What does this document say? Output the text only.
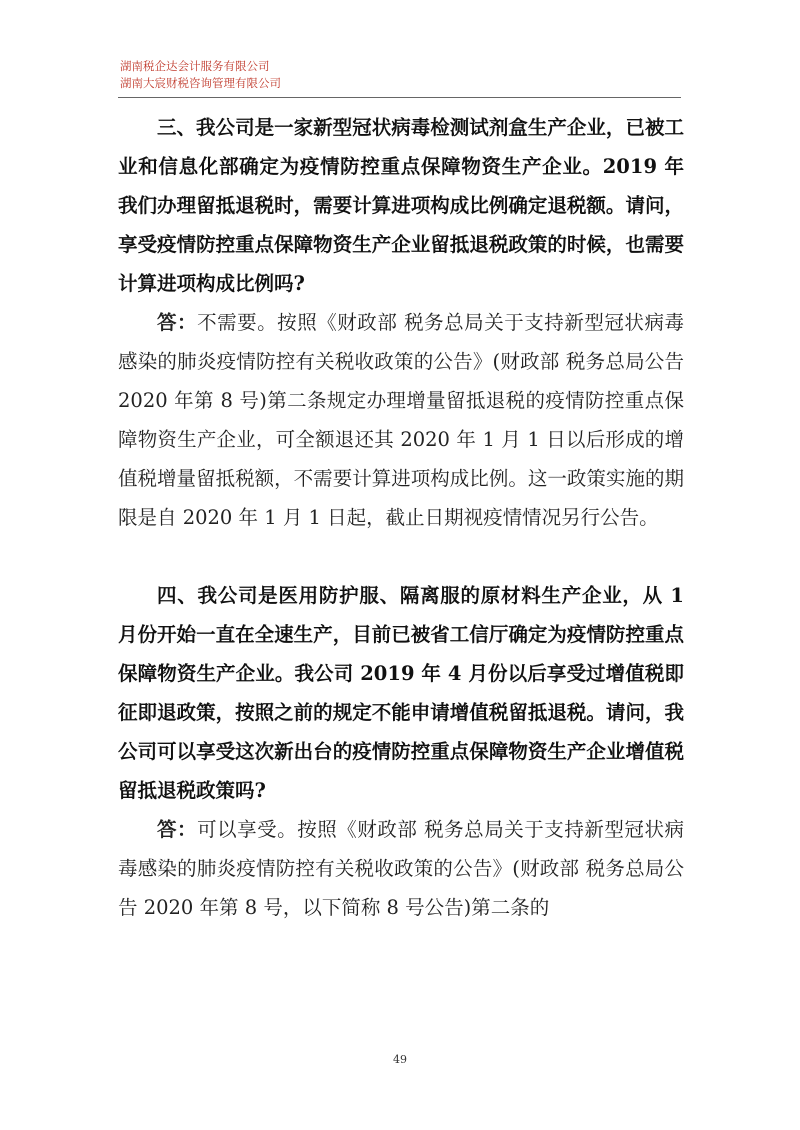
湖南税企达会计服务有限公司
湖南大宸财税咨询管理有限公司

三、我公司是一家新型冠状病毒检测试剂盒生产企业，已被工业和信息化部确定为疫情防控重点保障物资生产企业。2019 年我们办理留抵退税时，需要计算进项构成比例确定退税额。请问，享受疫情防控重点保障物资生产企业留抵退税政策的时候，也需要计算进项构成比例吗?

答：不需要。按照《财政部 税务总局关于支持新型冠状病毒感染的肺炎疫情防控有关税收政策的公告》(财政部 税务总局公告 2020 年第 8 号)第二条规定办理增量留抵退税的疫情防控重点保障物资生产企业，可全额退还其 2020 年 1 月 1 日以后形成的增值税增量留抵税额，不需要计算进项构成比例。这一政策实施的期限是自 2020 年 1 月 1 日起，截止日期视疫情情况另行公告。

四、我公司是医用防护服、隔离服的原材料生产企业，从 1 月份开始一直在全速生产，目前已被省工信厅确定为疫情防控重点保障物资生产企业。我公司 2019 年 4 月份以后享受过增值税即征即退政策，按照之前的规定不能申请增值税留抵退税。请问，我公司可以享受这次新出台的疫情防控重点保障物资生产企业增值税留抵退税政策吗?

答：可以享受。按照《财政部 税务总局关于支持新型冠状病毒感染的肺炎疫情防控有关税收政策的公告》(财政部 税务总局公告 2020 年第 8 号，以下简称 8 号公告)第二条的

49
